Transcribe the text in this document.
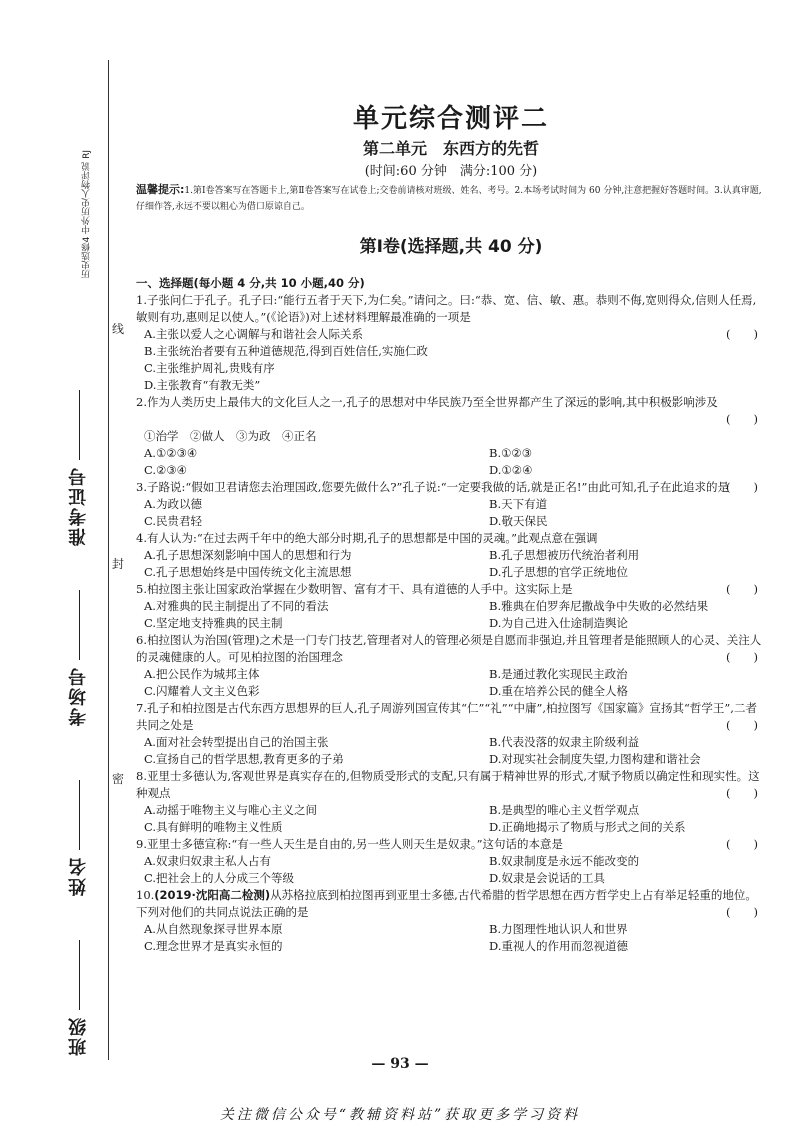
历史选修4 中外历史人物评说 RJ
准考证号
考场号
姓名
班级
线
封
密
单元综合测评二
第二单元　东西方的先哲
(时间:60 分钟　满分:100 分)
温馨提示:1.第Ⅰ卷答案写在答题卡上,第Ⅱ卷答案写在试卷上;交卷前请核对班级、姓名、考号。2.本场考试时间为 60 分钟,注意把握好答题时间。3.认真审题,仔细作答,永远不要以粗心为借口原谅自己。
第Ⅰ卷(选择题,共 40 分)
一、选择题(每小题 4 分,共 10 小题,40 分)
1.子张问仁于孔子。孔子曰:“能行五者于天下,为仁矣。”请问之。曰:“恭、宽、信、敏、惠。恭则不侮,宽则得众,信则人任焉,敏则有功,惠则足以使人。”(《论语》)对上述材料理解最准确的一项是
(　　)
A.主张以爱人之心调解与和谐社会人际关系
B.主张统治者要有五种道德规范,得到百姓信任,实施仁政
C.主张维护周礼,贵贱有序
D.主张教育“有教无类”
2.作为人类历史上最伟大的文化巨人之一,孔子的思想对中华民族乃至全世界都产生了深远的影响,其中积极影响涉及
(　　)
①治学　②做人　③为政　④正名
A.①②③④	B.①②③
C.②③④	D.①②④
3.子路说:“假如卫君请您去治理国政,您要先做什么?”孔子说:“一定要我做的话,就是正名!”由此可知,孔子在此追求的是
(　　)
A.为政以德	B.天下有道
C.民贵君轻	D.敬天保民
4.有人认为:“在过去两千年中的绝大部分时期,孔子的思想都是中国的灵魂。”此观点意在强调
A.孔子思想深刻影响中国人的思想和行为	B.孔子思想被历代统治者利用
C.孔子思想始终是中国传统文化主流思想	D.孔子思想的官学正统地位
5.柏拉图主张让国家政治掌握在少数明智、富有才干、具有道德的人手中。这实际上是	(　　)
A.对雅典的民主制提出了不同的看法	B.雅典在伯罗奔尼撒战争中失败的必然结果
C.坚定地支持雅典的民主制	D.为自己进入仕途制造舆论
6.柏拉图认为治国(管理)之术是一门专门技艺,管理者对人的管理必须是自愿而非强迫,并且管理者是能照顾人的心灵、关注人的灵魂健康的人。可见柏拉图的治国理念	(　　)
A.把公民作为城邦主体	B.是通过教化实现民主政治
C.闪耀着人文主义色彩	D.重在培养公民的健全人格
7.孔子和柏拉图是古代东西方思想界的巨人,孔子周游列国宣传其“仁”“礼”“中庸”,柏拉图写《国家篇》宣扬其“哲学王”,二者共同之处是	(　　)
A.面对社会转型提出自己的治国主张	B.代表没落的奴隶主阶级利益
C.宣扬自己的哲学思想,教育更多的子弟	D.对现实社会制度失望,力图构建和谐社会
8.亚里士多德认为,客观世界是真实存在的,但物质受形式的支配,只有属于精神世界的形式,才赋予物质以确定性和现实性。这种观点	(　　)
A.动摇于唯物主义与唯心主义之间	B.是典型的唯心主义哲学观点
C.具有鲜明的唯物主义性质	D.正确地揭示了物质与形式之间的关系
9.亚里士多德宣称:“有一些人天生是自由的,另一些人则天生是奴隶。”这句话的本意是	(　　)
A.奴隶归奴隶主私人占有	B.奴隶制度是永远不能改变的
C.把社会上的人分成三个等级	D.奴隶是会说话的工具
10.(2019·沈阳高二检测)从苏格拉底到柏拉图再到亚里士多德,古代希腊的哲学思想在西方哲学史上占有举足轻重的地位。下列对他们的共同点说法正确的是	(　　)
A.从自然现象探寻世界本原	B.力图理性地认识人和世界
C.理念世界才是真实永恒的	D.重视人的作用而忽视道德
— 93 —
关注微信公众号“教辅资料站”获取更多学习资料
